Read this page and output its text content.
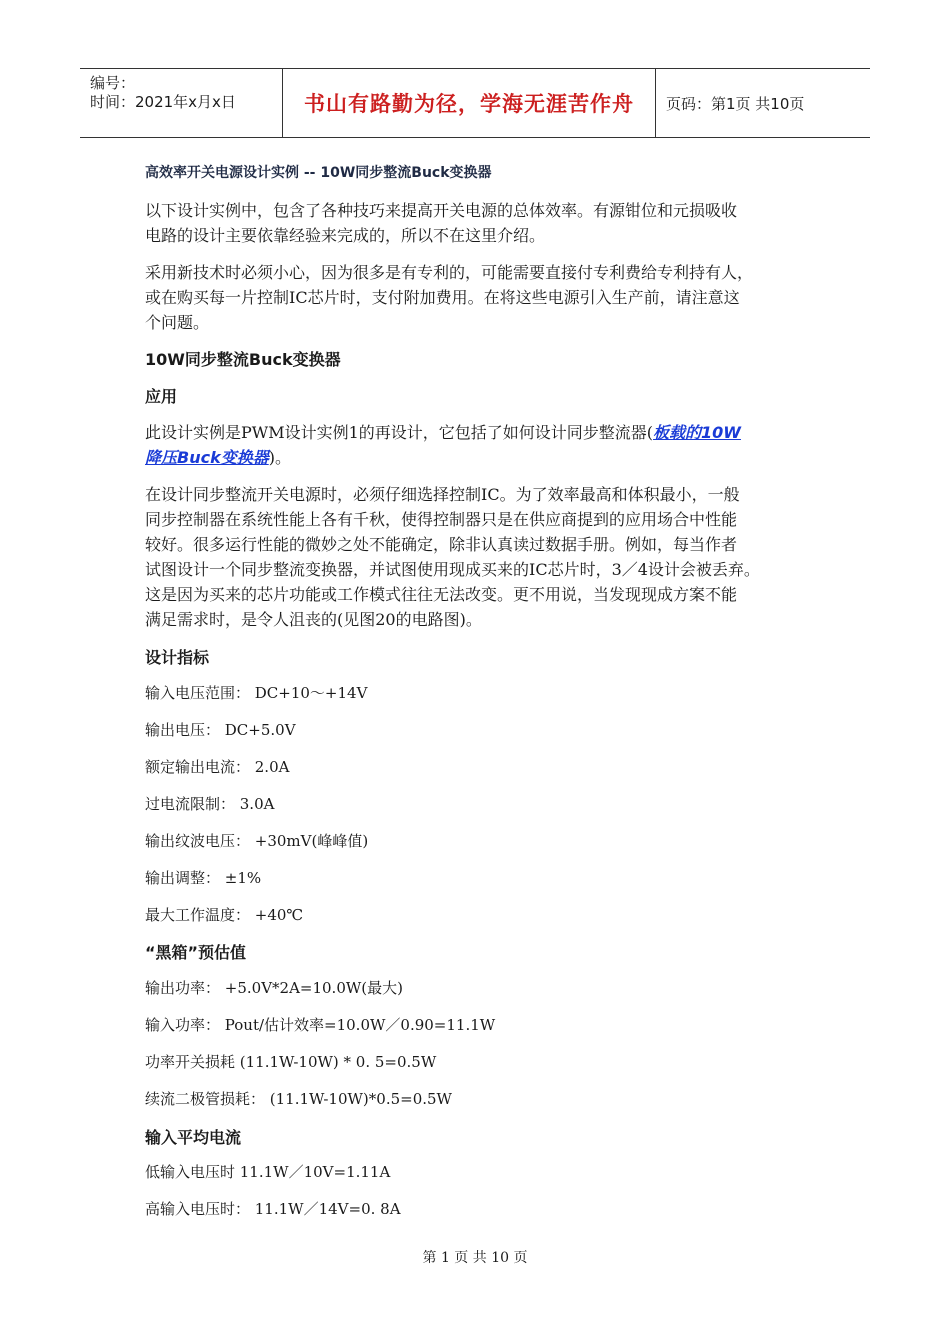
编号：
时间：2021年x月x日	书山有路勤为径，学海无涯苦作舟 页码：第1页 共10页
高效率开关电源设计实例 -- 10W同步整流Buck变换器
以下设计实例中，包含了各种技巧来提高开关电源的总体效率。有源钳位和元损吸收
电路的设计主要依靠经验来完成的，所以不在这里介绍。
采用新技术时必须小心，因为很多是有专利的，可能需要直接付专利费给专利持有人，
或在购买每一片控制IC芯片时，支付附加费用。在将这些电源引入生产前，请注意这
个问题。
10W同步整流Buck变换器
应用
此设计实例是PWM设计实例1的再设计，它包括了如何设计同步整流器(板载的10W
降压Buck变换器)。
在设计同步整流开关电源时，必须仔细选择控制IC。为了效率最高和体积最小，一般
同步控制器在系统性能上各有千秋，使得控制器只是在供应商提到的应用场合中性能
较好。很多运行性能的微妙之处不能确定，除非认真读过数据手册。例如，每当作者
试图设计一个同步整流变换器，并试图使用现成买来的IC芯片时，3／4设计会被丢弃。
这是因为买来的芯片功能或工作模式往往无法改变。更不用说，当发现现成方案不能
满足需求时，是令人沮丧的(见图20的电路图)。
设计指标
输入电压范围： DC+10～+14V
输出电压： DC+5.0V
额定输出电流： 2.0A
过电流限制： 3.0A
输出纹波电压： +30mV(峰峰值)
输出调整： ±1%
最大工作温度： +40℃
“黑箱”预估值
输出功率： +5.0V*2A=10.0W(最大)
输入功率： Pout/估计效率=10.0W／0.90=11.1W
功率开关损耗 (11.1W-10W) * 0. 5=0.5W
续流二极管损耗： (11.1W-10W)*0.5=0.5W
输入平均电流
低输入电压时 11.1W／10V=1.11A
高输入电压时： 11.1W／14V=0. 8A
第 1 页 共 10 页
